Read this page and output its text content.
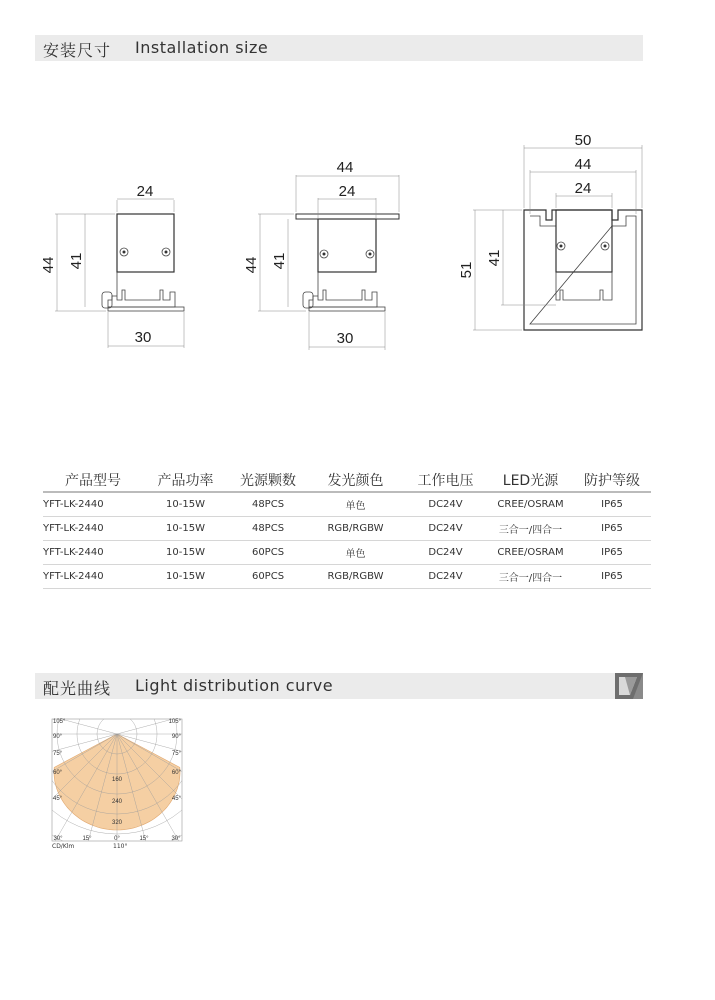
安装尺寸 Installation size
24
44 41
30
44
24
44 41
30
50
44
24
51
41
产品型号	产品功率	光源颗数	发光颜色	工作电压	LED光源	防护等级
YFT-LK-2440	10-15W	48PCS	单色	DC24V	CREE/OSRAM	IP65
YFT-LK-2440	10-15W	48PCS	RGB/RGBW	DC24V	三合一/四合一	IP65
YFT-LK-2440	10-15W	60PCS	单色	DC24V	CREE/OSRAM	IP65
YFT-LK-2440	10-15W	60PCS	RGB/RGBW	DC24V	三合一/四合一	IP65
配光曲线 Light distribution curve
105°
90°
75°
60°
45°
105°
90°
75°
60°
45°
30°	15°	0°	15°	30°
160
240
320
CD/Klm	110°
